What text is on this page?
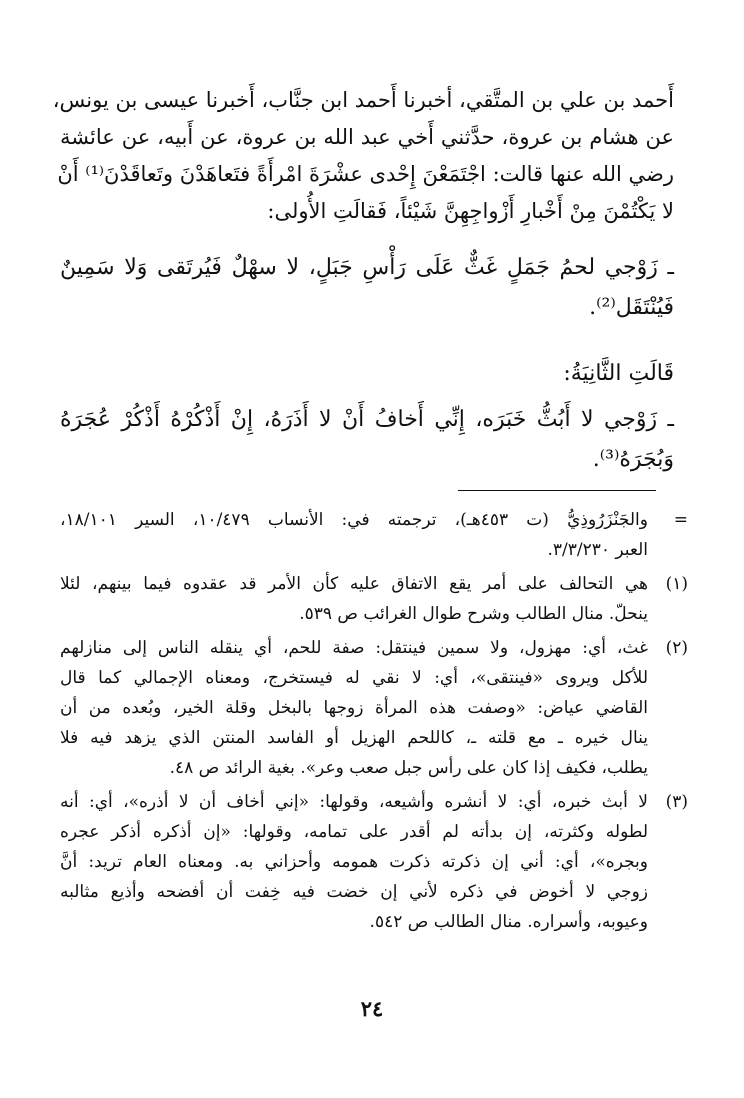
أَحمد بن علي بن المتَّقي، أخبرنا أَحمد ابن جنَّاب، أَخبرنا عيسى بن يونس،
عن هشام بن عروة، حدَّثني أَخي عبد الله بن عروة، عن أَبيه، عن عائشة
رضي الله عنها قالت: اجْتَمَعْنَ إِحْدى عشْرَةَ امْرأَةً فتَعاهَدْنَ وتَعاقَدْنَ⁽¹⁾ أَنْ
لا يَكْتُمْنَ مِنْ أَخْبارِ أَزْواجِهِنَّ شَيْئاً، فَقالَتِ الأُولى:

ـ زَوْجي لحمُ جَمَلٍ غَثٌّ عَلَى رَأْسِ جَبَلٍ، لا سهْلٌ فَيُرتَقى وَلا سَمِينٌ
فَيُنْتَقَل⁽²⁾.
قَالَتِ الثَّانِيَةُ:
ـ زَوْجي لا أَبُثُّ خَبَرَه، إِنِّي أَخافُ أَنْ لا أَذَرَهُ، إِنْ أَذْكُرْهُ أَذْكُرْ عُجَرَهُ
وَبُجَرَهُ⁽³⁾.
=
والجَنْزَرُوذِيُّ (ت ٤٥٣هـ)، ترجمته في: الأنساب ١٠/٤٧٩، السير ١٨/١٠١،
العبر ٣/٣/٢٣٠.
(١)
هي التحالف على أمر يقع الاتفاق عليه كأن الأمر قد عقدوه فيما بينهم، لئلا
ينحلّ. منال الطالب وشرح طوال الغرائب ص ٥٣٩.
(٢)
غث، أي: مهزول، ولا سمين فينتقل: صفة للحم، أي ينقله الناس إلى منازلهم
للأكل ويروى «فينتقى»، أي: لا نقي له فيستخرج، ومعناه الإجمالي كما قال
القاضي عياض: «وصفت هذه المرأة زوجها بالبخل وقلة الخير، وبُعده من أن
ينال خيره ـ مع قلته ـ، كاللحم الهزيل أو الفاسد المنتن الذي يزهد فيه فلا
يطلب، فكيف إذا كان على رأس جبل صعب وعر». بغية الرائد ص ٤٨.
(٣)
لا أبث خبره، أي: لا أنشره وأشيعه، وقولها: «إني أخاف أن لا أذره»، أي: أنه
لطوله وكثرته، إن بدأته لم أقدر على تمامه، وقولها: «إن أذكره أذكر عجره
وبجره»، أي: أني إن ذكرته ذكرت همومه وأحزاني به. ومعناه العام تريد: أنَّ
زوجي لا أخوض في ذكره لأني إن خضت فيه خِفت أن أفضحه وأذيع مثالبه
وعيوبه، وأسراره. منال الطالب ص ٥٤٢.
٢٤
